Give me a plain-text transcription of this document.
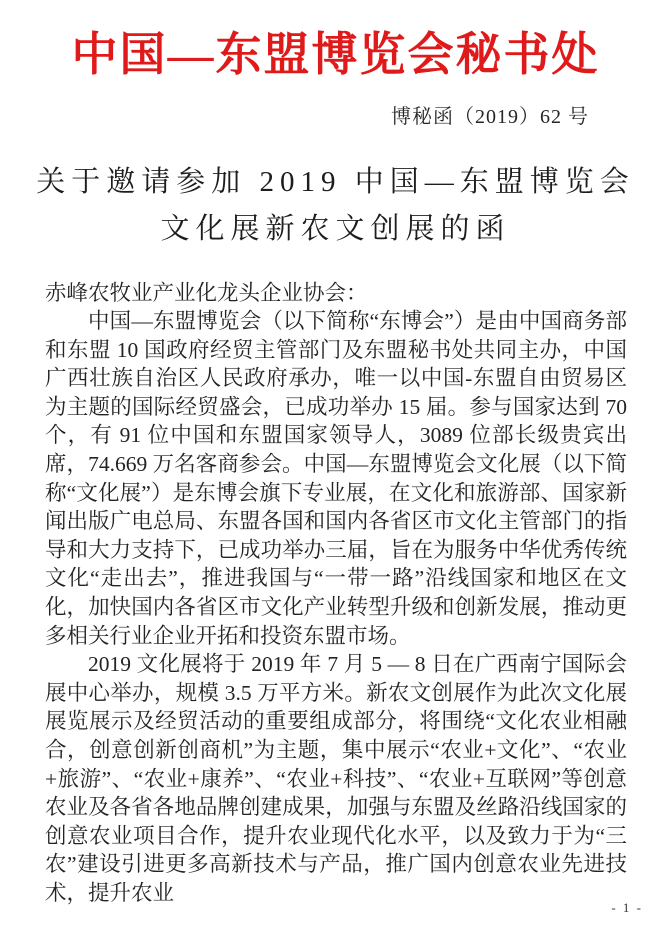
中国—东盟博览会秘书处
博秘函（2019）62 号
关于邀请参加 2019 中国—东盟博览会
文化展新农文创展的函
赤峰农牧业产业化龙头企业协会：

中国—东盟博览会（以下简称“东博会”）是由中国商务部和东盟 10 国政府经贸主管部门及东盟秘书处共同主办，中国广西壮族自治区人民政府承办，唯一以中国-东盟自由贸易区为主题的国际经贸盛会，已成功举办 15 届。参与国家达到 70 个，有 91 位中国和东盟国家领导人，3089 位部长级贵宾出席，74.669 万名客商参会。中国—东盟博览会文化展（以下简称“文化展”）是东博会旗下专业展，在文化和旅游部、国家新闻出版广电总局、东盟各国和国内各省区市文化主管部门的指导和大力支持下，已成功举办三届，旨在为服务中华优秀传统文化“走出去”，推进我国与“一带一路”沿线国家和地区在文化，加快国内各省区市文化产业转型升级和创新发展，推动更多相关行业企业开拓和投资东盟市场。

2019 文化展将于 2019 年 7 月 5 — 8 日在广西南宁国际会展中心举办，规模 3.5 万平方米。新农文创展作为此次文化展展览展示及经贸活动的重要组成部分，将围绕“文化农业相融合，创意创新创商机”为主题，集中展示“农业+文化”、“农业+旅游”、“农业+康养”、“农业+科技”、“农业+互联网”等创意农业及各省各地品牌创建成果，加强与东盟及丝路沿线国家的创意农业项目合作，提升农业现代化水平，以及致力于为“三农”建设引进更多高新技术与产品，推广国内创意农业先进技术，提升农业

- 1 -
